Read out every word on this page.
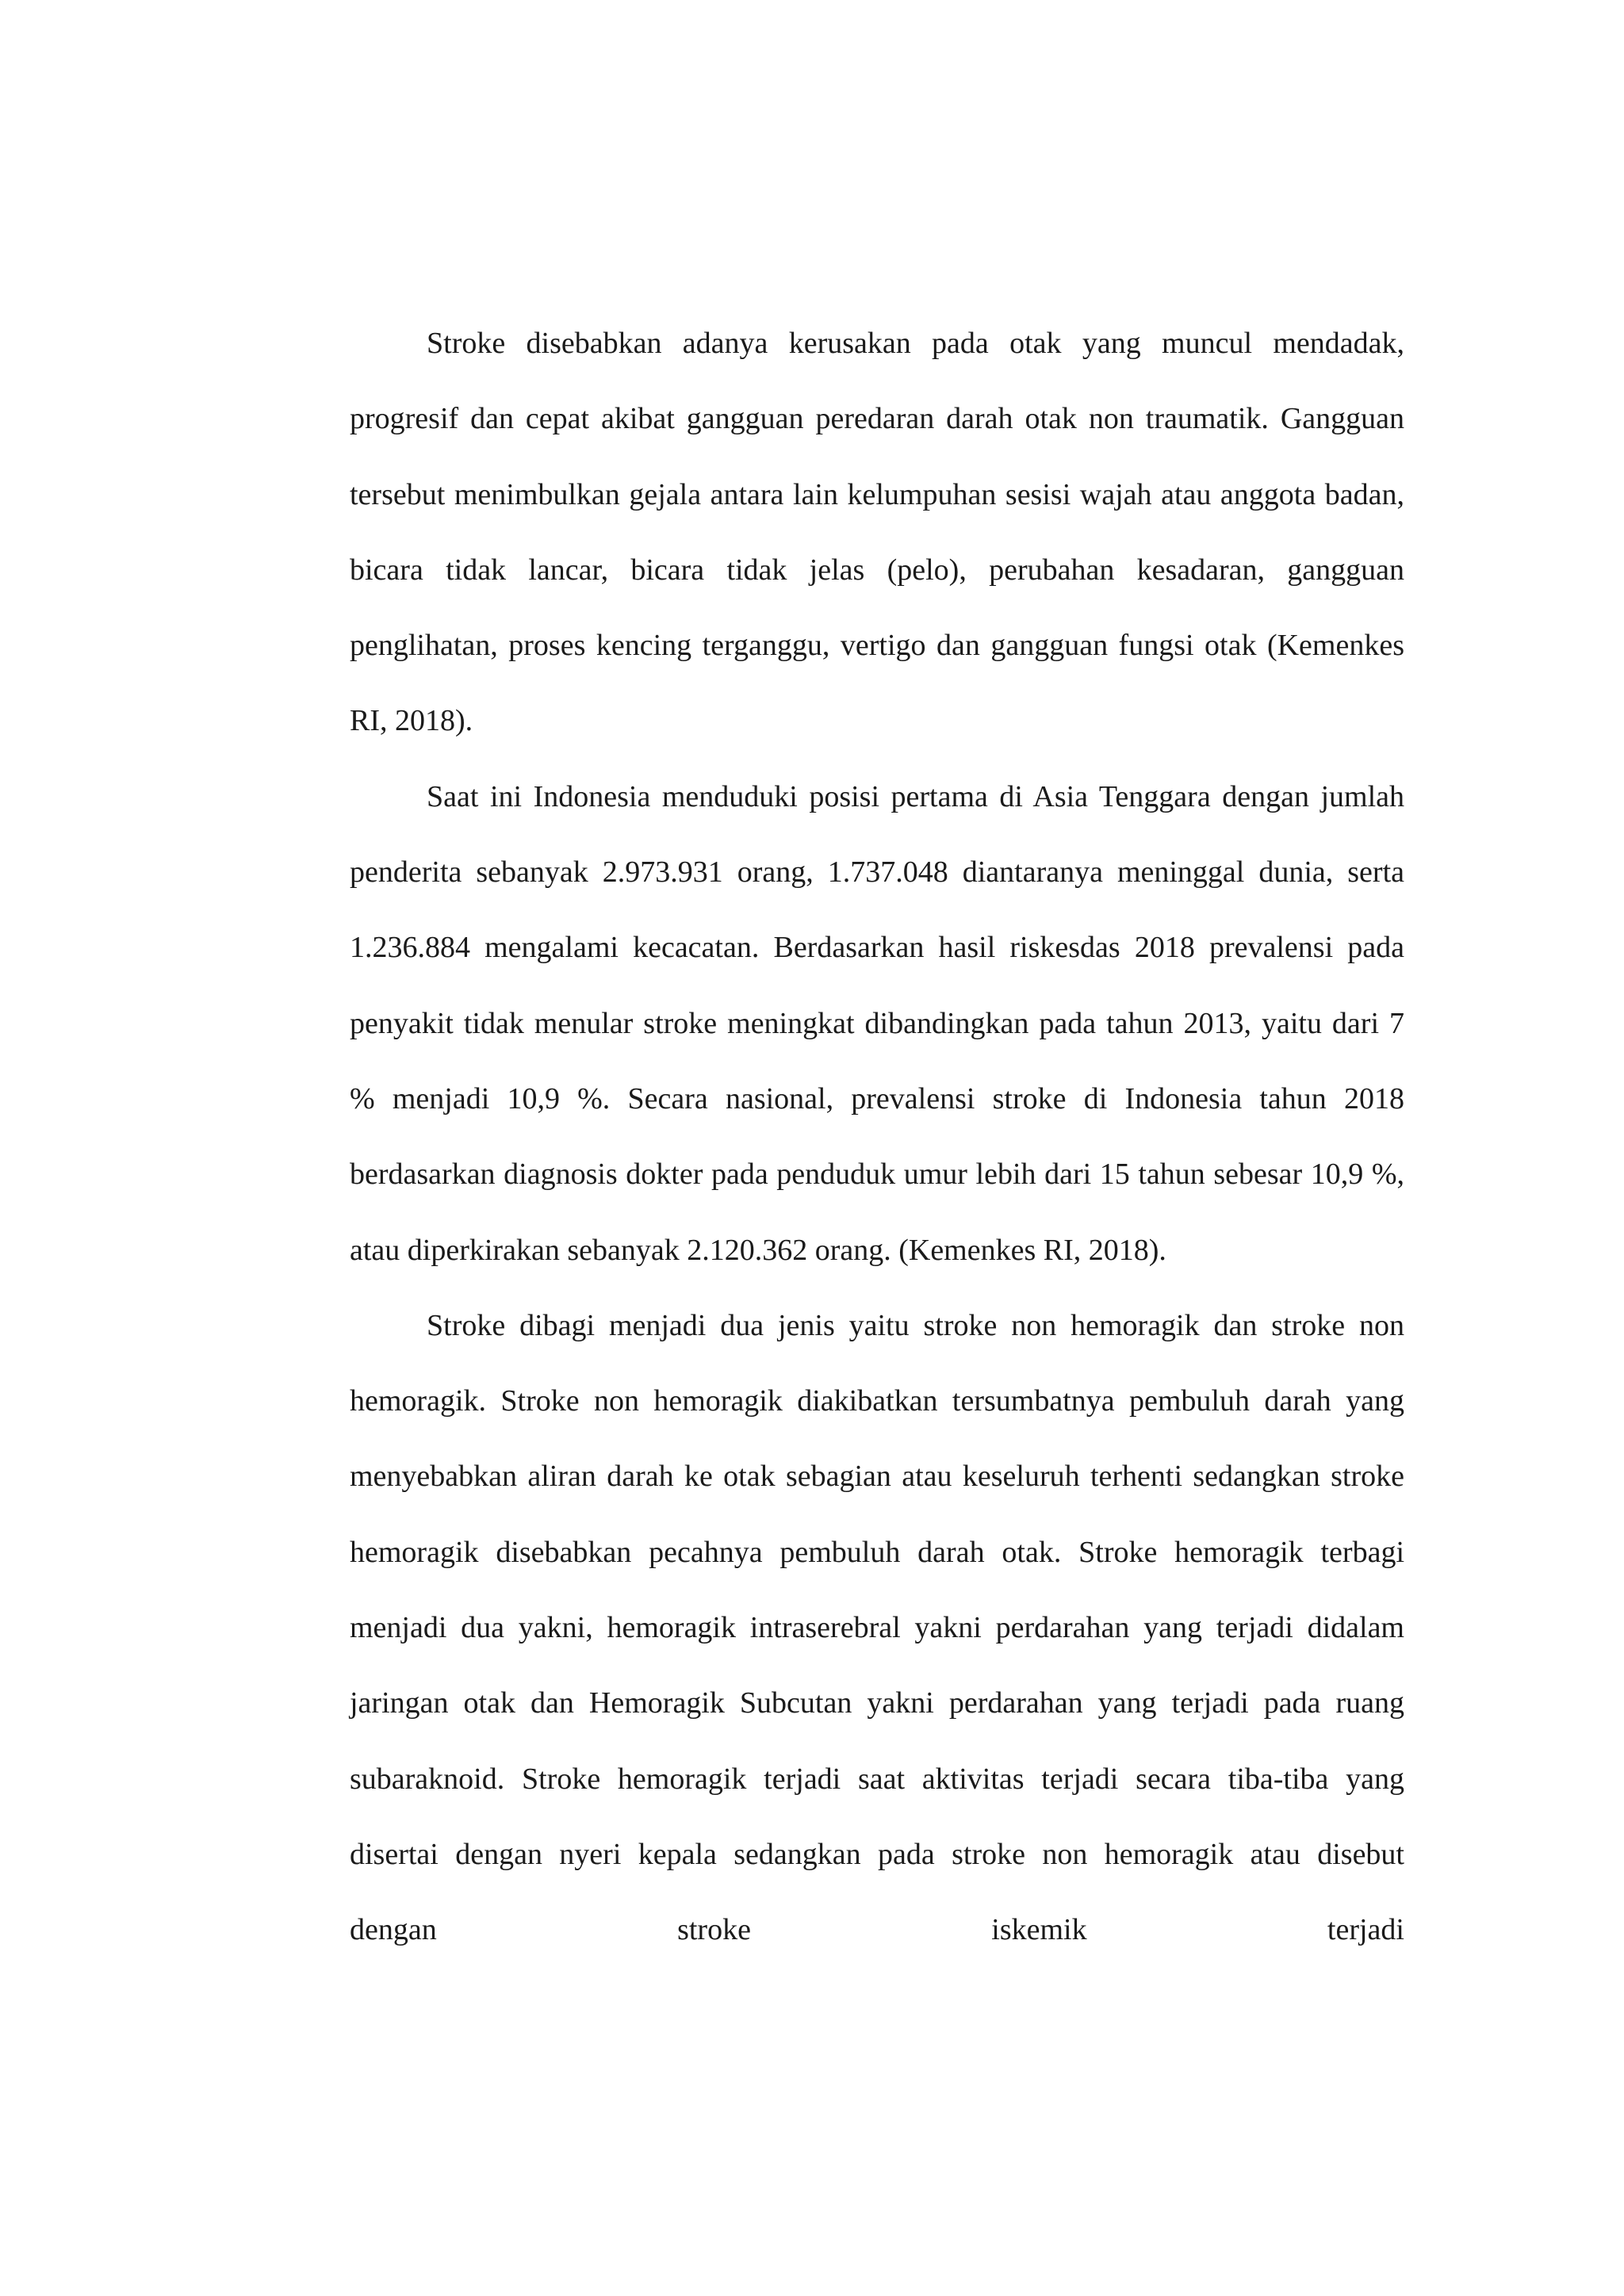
Stroke disebabkan adanya kerusakan pada otak yang muncul mendadak, progresif dan cepat akibat gangguan peredaran darah otak non traumatik. Gangguan tersebut menimbulkan gejala antara lain kelumpuhan sesisi wajah atau anggota badan, bicara tidak lancar, bicara tidak jelas (pelo), perubahan kesadaran, gangguan penglihatan, proses kencing terganggu, vertigo dan gangguan fungsi otak (Kemenkes RI, 2018).

Saat ini Indonesia menduduki posisi pertama di Asia Tenggara dengan jumlah penderita sebanyak 2.973.931 orang, 1.737.048 diantaranya meninggal dunia, serta 1.236.884 mengalami kecacatan. Berdasarkan hasil riskesdas 2018 prevalensi pada penyakit tidak menular stroke meningkat dibandingkan pada tahun 2013, yaitu dari 7 % menjadi 10,9 %. Secara nasional, prevalensi stroke di Indonesia tahun 2018 berdasarkan diagnosis dokter pada penduduk umur lebih dari 15 tahun sebesar 10,9 %, atau diperkirakan sebanyak 2.120.362 orang. (Kemenkes RI, 2018).

Stroke dibagi menjadi dua jenis yaitu stroke non hemoragik dan stroke non hemoragik. Stroke non hemoragik diakibatkan tersumbatnya pembuluh darah yang menyebabkan aliran darah ke otak sebagian atau keseluruh terhenti sedangkan stroke hemoragik disebabkan pecahnya pembuluh darah otak. Stroke hemoragik terbagi menjadi dua yakni, hemoragik intraserebral yakni perdarahan yang terjadi didalam jaringan otak dan Hemoragik Subcutan yakni perdarahan yang terjadi pada ruang subaraknoid. Stroke hemoragik terjadi saat aktivitas terjadi secara tiba-tiba yang disertai dengan nyeri kepala sedangkan pada stroke non hemoragik atau disebut dengan stroke iskemik terjadi
